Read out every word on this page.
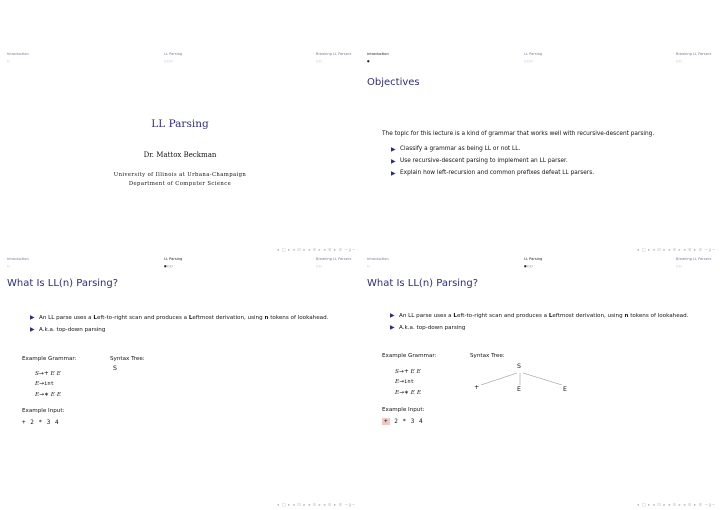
Introduction
○
LL Parsing
○○○
Breaking LL Parsers
○○
LL Parsing
Dr. Mattox Beckman
University of Illinois at Urbana-Champaign
Department of Computer Science
◂ □ ▸ ◂ ⊡ ▸ ◂ ≡ ▸ ◂ ≡ ▸ ≡ ∽ǫ∽
Introduction
●
LL Parsing
○○○
Breaking LL Parsers
○○
Objectives
The topic for this lecture is a kind of grammar that works well with recursive-descent parsing.
▶ Classify a grammar as being LL or not LL.
▶ Use recursive-descent parsing to implement an LL parser.
▶ Explain how left-recursion and common prefixes defeat LL parsers.
◂ □ ▸ ◂ ⊡ ▸ ◂ ≡ ▸ ◂ ≡ ▸ ≡ ∽ǫ∽
Introduction
○
LL Parsing
●○○
Breaking LL Parsers
○○
What Is LL(n) Parsing?
▶ An LL parse uses a Left-to-right scan and produces a Leftmost derivation, using n tokens of lookahead.
▶ A.k.a. top-down parsing
Example Grammar:	Syntax Tree:
S→+ E E
E→int
E→∗ E E
S
Example Input:
+ 2 * 3 4
◂ □ ▸ ◂ ⊡ ▸ ◂ ≡ ▸ ◂ ≡ ▸ ≡ ∽ǫ∽
Introduction
○
LL Parsing
●○○
Breaking LL Parsers
○○
What Is LL(n) Parsing?
▶ An LL parse uses a Left-to-right scan and produces a Leftmost derivation, using n tokens of lookahead.
▶ A.k.a. top-down parsing
Example Grammar:	Syntax Tree:
S→+ E E
E→int
E→∗ E E
S
+	E	E
Example Input:
+ 2 * 3 4
◂ □ ▸ ◂ ⊡ ▸ ◂ ≡ ▸ ◂ ≡ ▸ ≡ ∽ǫ∽
